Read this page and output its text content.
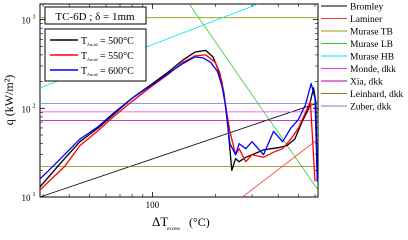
10 1
10 2
10 3
100
TC-6D ; δ = 1mm
T Ancial = 500°C
T Ancial = 550°C
T Ancial = 600°C
q (kW/m²)
ΔT
excess
(°C)
Bromley
Laminer
Murase TB
Murase LB
Murase HB
Monde, dkk
Xia, dkk
Leinhard, dkk
Zuber, dkk
